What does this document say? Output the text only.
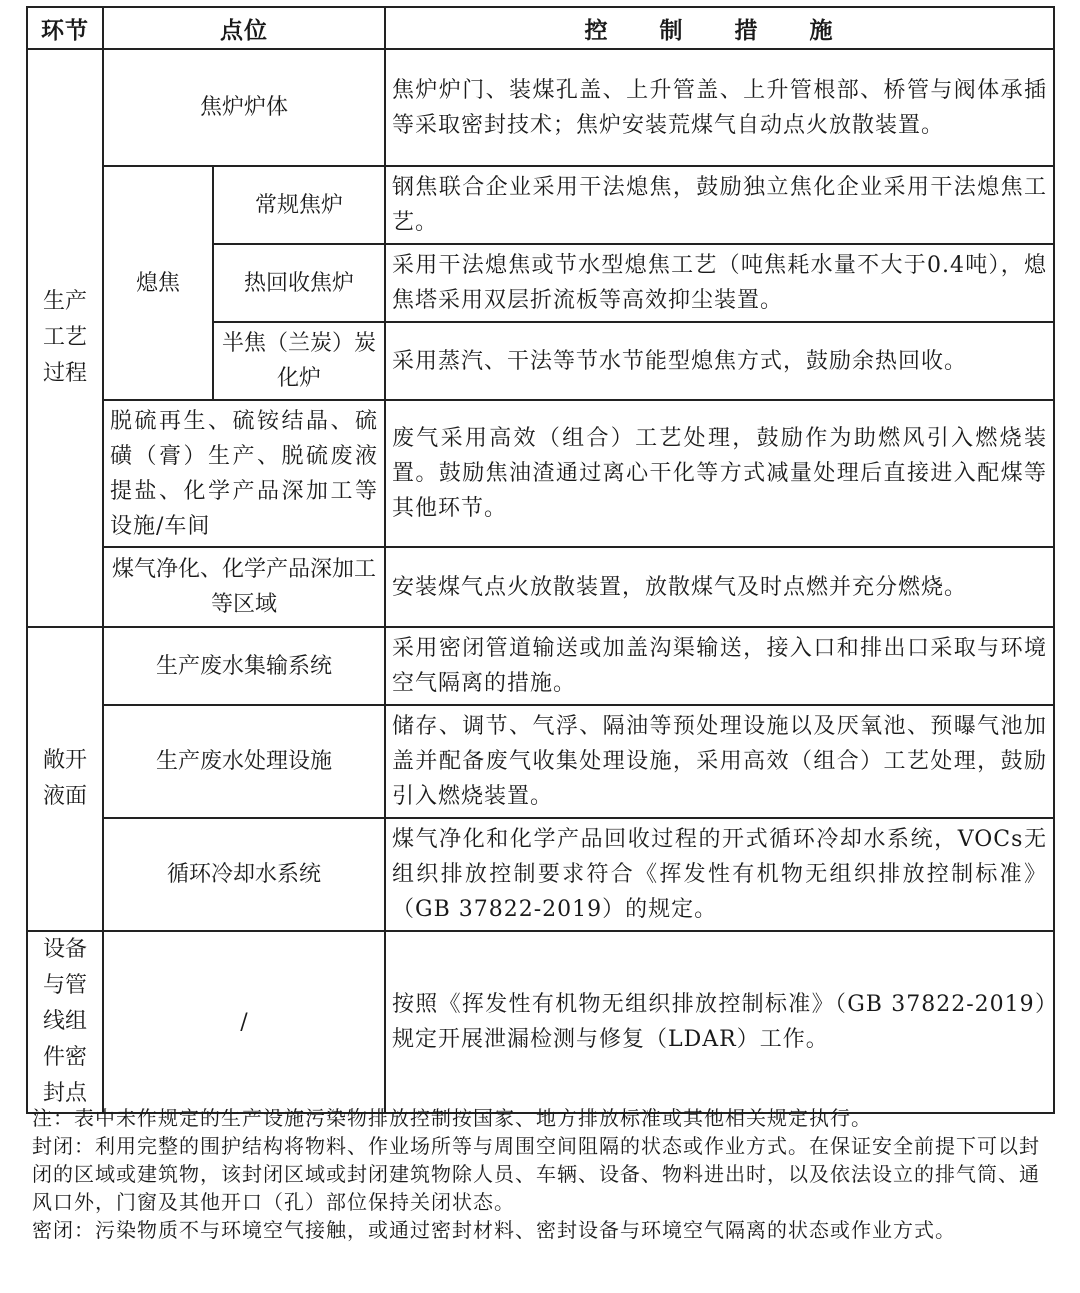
环节	点位		控 制 措 施
生产工艺过程	焦炉炉体		焦炉炉门、装煤孔盖、上升管盖、上升管根部、桥管与阀体承插等采取密封技术；焦炉安装荒煤气自动点火放散装置。
	熄焦	常规焦炉	钢焦联合企业采用干法熄焦，鼓励独立焦化企业采用干法熄焦工艺。
		热回收焦炉	采用干法熄焦或节水型熄焦工艺（吨焦耗水量不大于0.4吨），熄焦塔采用双层折流板等高效抑尘装置。
		半焦（兰炭）炭化炉	采用蒸汽、干法等节水节能型熄焦方式，鼓励余热回收。
	脱硫再生、硫铵结晶、硫磺（膏）生产、脱硫废液提盐、化学产品深加工等设施/车间		废气采用高效（组合）工艺处理，鼓励作为助燃风引入燃烧装置。鼓励焦油渣通过离心干化等方式减量处理后直接进入配煤等其他环节。
	煤气净化、化学产品深加工等区域		安装煤气点火放散装置，放散煤气及时点燃并充分燃烧。
敞开液面	生产废水集输系统		采用密闭管道输送或加盖沟渠输送，接入口和排出口采取与环境空气隔离的措施。
	生产废水处理设施		储存、调节、气浮、隔油等预处理设施以及厌氧池、预曝气池加盖并配备废气收集处理设施，采用高效（组合）工艺处理，鼓励引入燃烧装置。
	循环冷却水系统		煤气净化和化学产品回收过程的开式循环冷却水系统，VOCs无组织排放控制要求符合《挥发性有机物无组织排放控制标准》（GB 37822-2019）的规定。
设备与管线组件密封点	/		按照《挥发性有机物无组织排放控制标准》（GB 37822-2019）规定开展泄漏检测与修复（LDAR）工作。

注：表中未作规定的生产设施污染物排放控制按国家、地方排放标准或其他相关规定执行。

封闭：利用完整的围护结构将物料、作业场所等与周围空间阻隔的状态或作业方式。在保证安全前提下可以封闭的区域或建筑物，该封闭区域或封闭建筑物除人员、车辆、设备、物料进出时，以及依法设立的排气筒、通风口外，门窗及其他开口（孔）部位保持关闭状态。

密闭：污染物质不与环境空气接触，或通过密封材料、密封设备与环境空气隔离的状态或作业方式。
